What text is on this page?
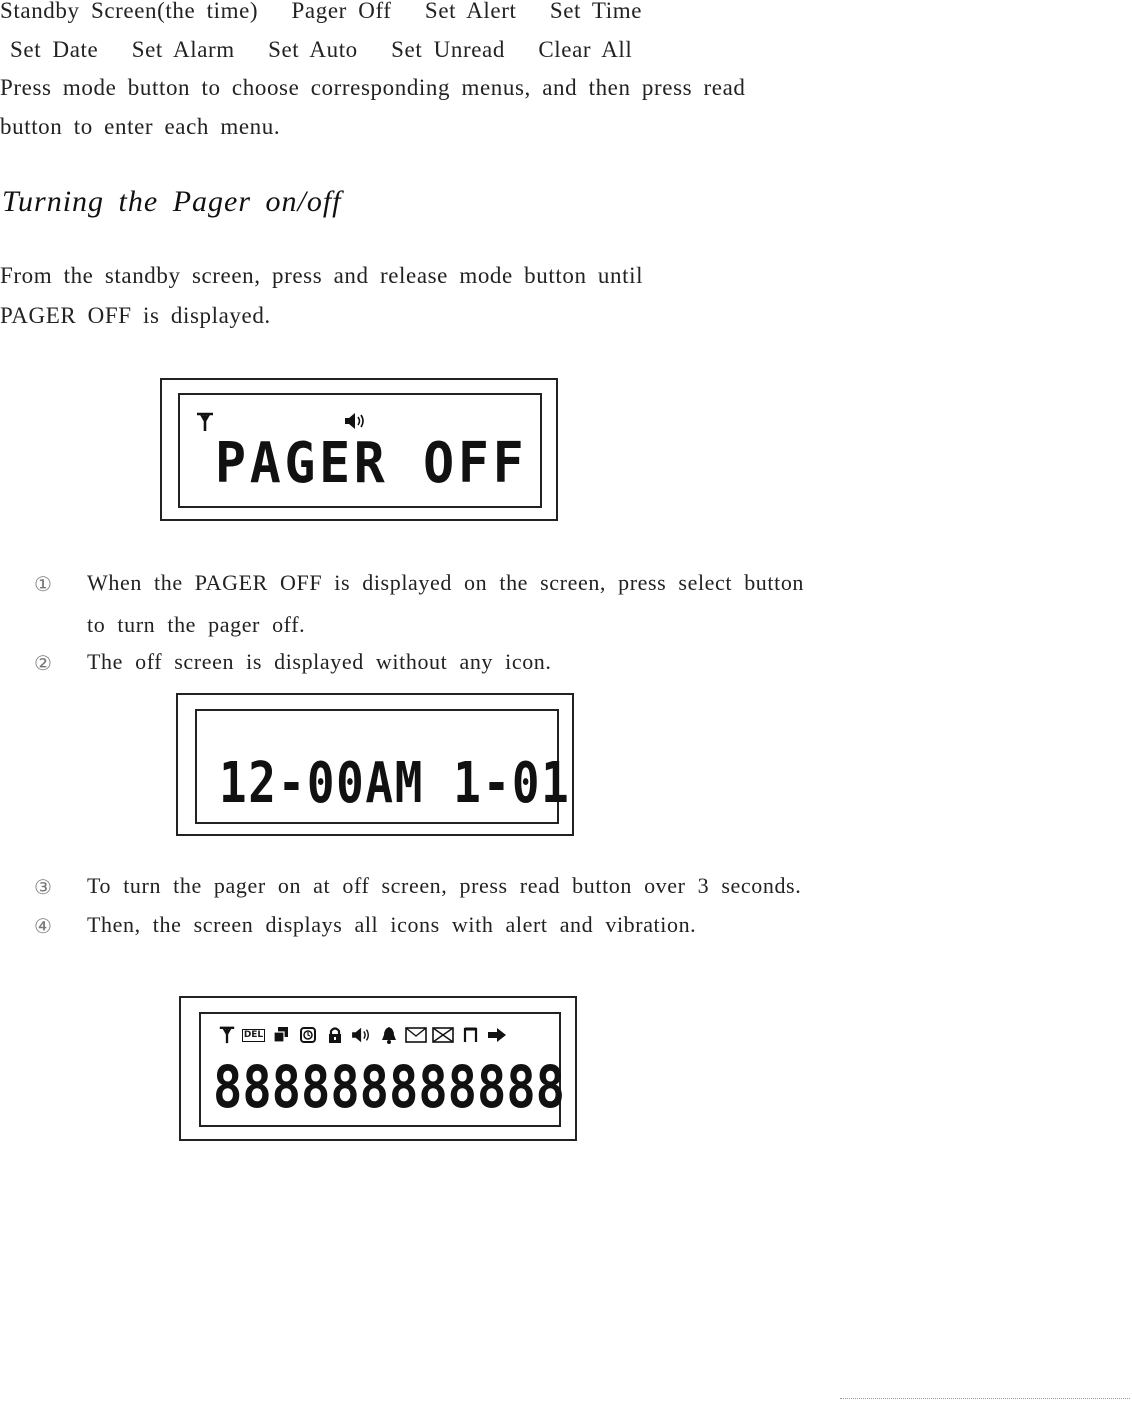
Standby Screen(the time) Pager Off Set Alert Set Time
Set Date Set Alarm Set Auto Set Unread Clear All
Press mode button to choose corresponding menus, and then press read
button to enter each menu.
Turning the Pager on/off
From the standby screen, press and release mode button until
PAGER OFF is displayed.
PAGER OFF
① When the PAGER OFF is displayed on the screen, press select button
to turn the pager off.
② The off screen is displayed without any icon.
12-00AM 1-01
③ To turn the pager on at off screen, press read button over 3 seconds.
④ Then, the screen displays all icons with alert and vibration.
DEL
888888888888
